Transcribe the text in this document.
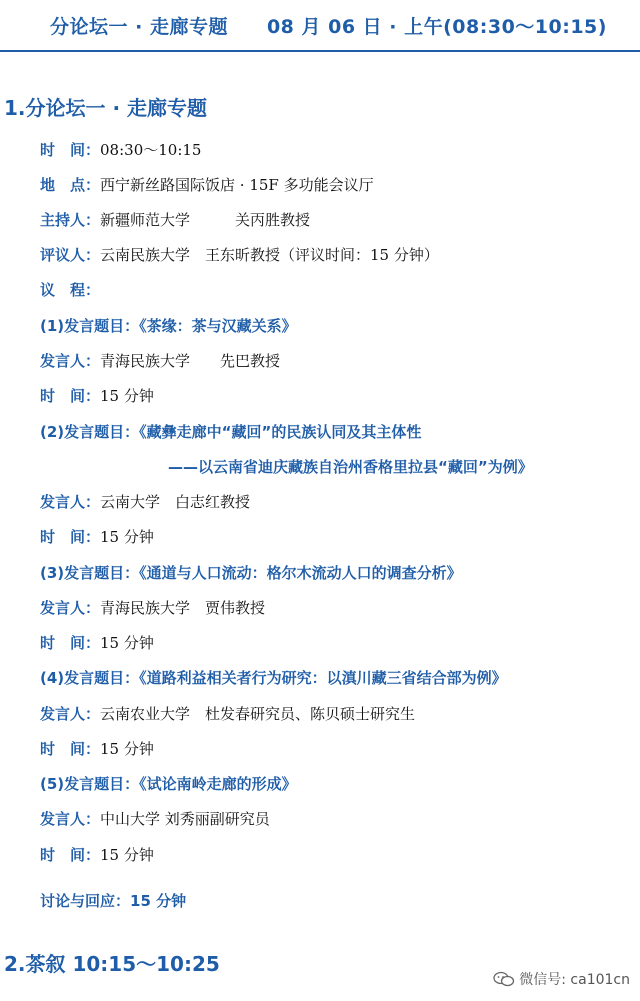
分论坛一 · 走廊专题　　08 月 06 日 · 上午(08:30～10:15)
1.分论坛一 · 走廊专题
时　间：08:30～10:15
地　点：西宁新丝路国际饭店 · 15F 多功能会议厅
主持人：新疆师范大学　　　关丙胜教授
评议人：云南民族大学　王东昕教授（评议时间：15 分钟）
议　程：
(1)发言题目：《茶缘：茶与汉藏关系》
发言人：青海民族大学　　先巴教授
时　间：15 分钟
(2)发言题目：《藏彝走廊中“藏回”的民族认同及其主体性
——以云南省迪庆藏族自治州香格里拉县“藏回”为例》
发言人：云南大学　白志红教授
时　间：15 分钟
(3)发言题目：《通道与人口流动：格尔木流动人口的调查分析》
发言人：青海民族大学　贾伟教授
时　间：15 分钟
(4)发言题目：《道路利益相关者行为研究：以滇川藏三省结合部为例》
发言人：云南农业大学　杜发春研究员、陈贝硕士研究生
时　间：15 分钟
(5)发言题目：《试论南岭走廊的形成》
发言人：中山大学 刘秀丽副研究员
时　间：15 分钟
讨论与回应：15 分钟
2.茶叙 10:15～10:25
微信号: ca101cn
